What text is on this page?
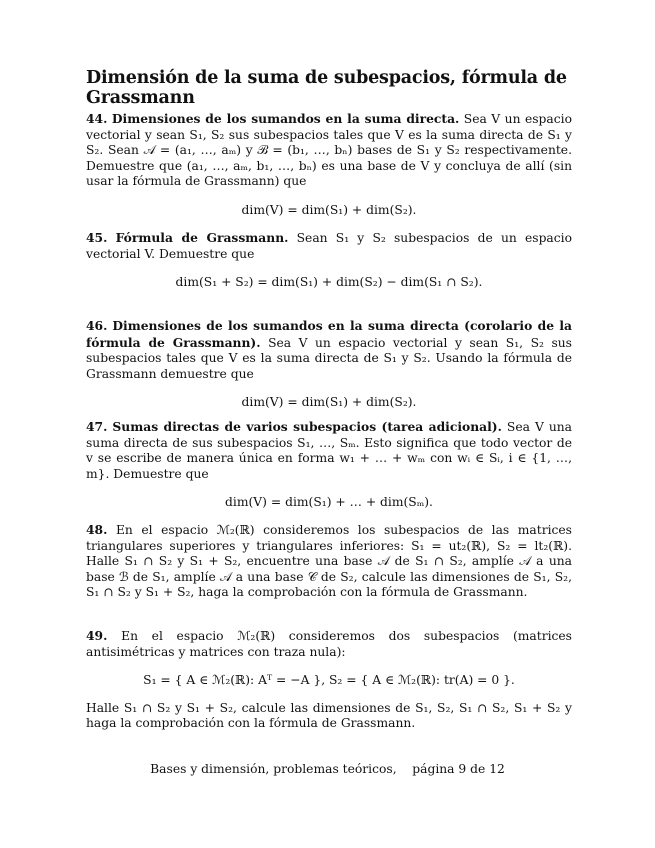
Dimensión de la suma de subespacios, fórmula de Grassmann

44. Dimensiones de los sumandos en la suma directa. Sea V un espacio vectorial y sean S₁, S₂ sus subespacios tales que V es la suma directa de S₁ y S₂. Sean 𝒜 = (a₁, …, aₘ) y ℬ = (b₁, …, bₙ) bases de S₁ y S₂ respectivamente. Demuestre que (a₁, …, aₘ, b₁, …, bₙ) es una base de V y concluya de allí (sin usar la fórmula de Grassmann) que

dim(V) = dim(S₁) + dim(S₂).

45. Fórmula de Grassmann. Sean S₁ y S₂ subespacios de un espacio vectorial V. Demuestre que

dim(S₁ + S₂) = dim(S₁) + dim(S₂) − dim(S₁ ∩ S₂).

46. Dimensiones de los sumandos en la suma directa (corolario de la fórmula de Grassmann). Sea V un espacio vectorial y sean S₁, S₂ sus subespacios tales que V es la suma directa de S₁ y S₂. Usando la fórmula de Grassmann demuestre que

dim(V) = dim(S₁) + dim(S₂).

47. Sumas directas de varios subespacios (tarea adicional). Sea V una suma directa de sus subespacios S₁, …, Sₘ. Esto significa que todo vector de v se escribe de manera única en forma w₁ + … + wₘ con wᵢ ∈ Sᵢ, i ∈ {1, …, m}. Demuestre que

dim(V) = dim(S₁) + … + dim(Sₘ).

48. En el espacio ℳ₂(ℝ) consideremos los subespacios de las matrices triangulares superiores y triangulares inferiores: S₁ = ut₂(ℝ), S₂ = lt₂(ℝ). Halle S₁ ∩ S₂ y S₁ + S₂, encuentre una base 𝒜 de S₁ ∩ S₂, amplíe 𝒜 a una base ℬ de S₁, amplíe 𝒜 a una base 𝒞 de S₂, calcule las dimensiones de S₁, S₂, S₁ ∩ S₂ y S₁ + S₂, haga la comprobación con la fórmula de Grassmann.

49. En el espacio ℳ₂(ℝ) consideremos dos subespacios (matrices antisimétricas y matrices con traza nula):

S₁ = { A ∈ ℳ₂(ℝ): Aᵀ = −A }, S₂ = { A ∈ ℳ₂(ℝ): tr(A) = 0 }.

Halle S₁ ∩ S₂ y S₁ + S₂, calcule las dimensiones de S₁, S₂, S₁ ∩ S₂, S₁ + S₂ y haga la comprobación con la fórmula de Grassmann.

Bases y dimensión, problemas teóricos,    página 9 de 12
